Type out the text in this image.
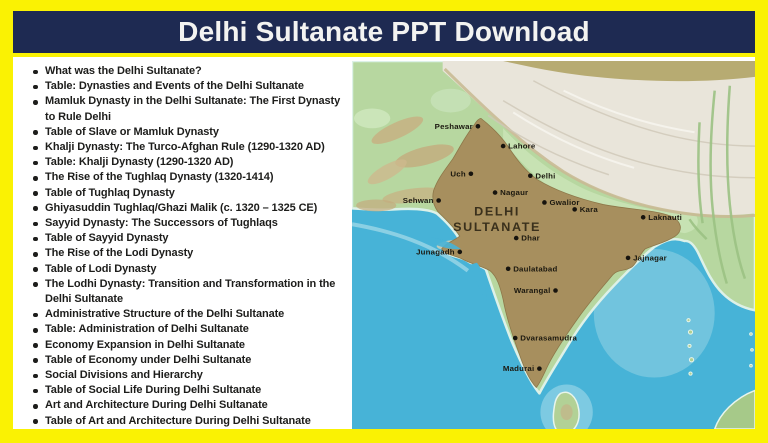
Delhi Sultanate PPT Download
What was the Delhi Sultanate?
Table: Dynasties and Events of the Delhi Sultanate
Mamluk Dynasty in the Delhi Sultanate: The First Dynasty to Rule Delhi
Table of Slave or Mamluk Dynasty
Khalji Dynasty: The Turco-Afghan Rule (1290-1320 AD)
Table: Khalji Dynasty (1290-1320 AD)
The Rise of the Tughlaq Dynasty (1320-1414)
Table of Tughlaq Dynasty
Ghiyasuddin Tughlaq/Ghazi Malik (c. 1320 – 1325 CE)
Sayyid Dynasty: The Successors of Tughlaqs
Table of Sayyid Dynasty
The Rise of the Lodi Dynasty
Table of Lodi Dynasty
The Lodhi Dynasty: Transition and Transformation in the Delhi Sultanate
Administrative Structure of the Delhi Sultanate
Table: Administration of Delhi Sultanate
Economy Expansion in Delhi Sultanate
Table of Economy under Delhi Sultanate
Social Divisions and Hierarchy
Table of Social Life During Delhi Sultanate
Art and Architecture During Delhi Sultanate
Table of Art and Architecture During Delhi Sultanate
DELHI
SULTANATE
Peshawar
Lahore
Uch	Delhi
Nagaur
Sehwan	Gwalior
Kara
Laknauti
Dhar
Junagadh
Jajnagar
Daulatabad
Warangal
Dvarasamudra
Madurai
